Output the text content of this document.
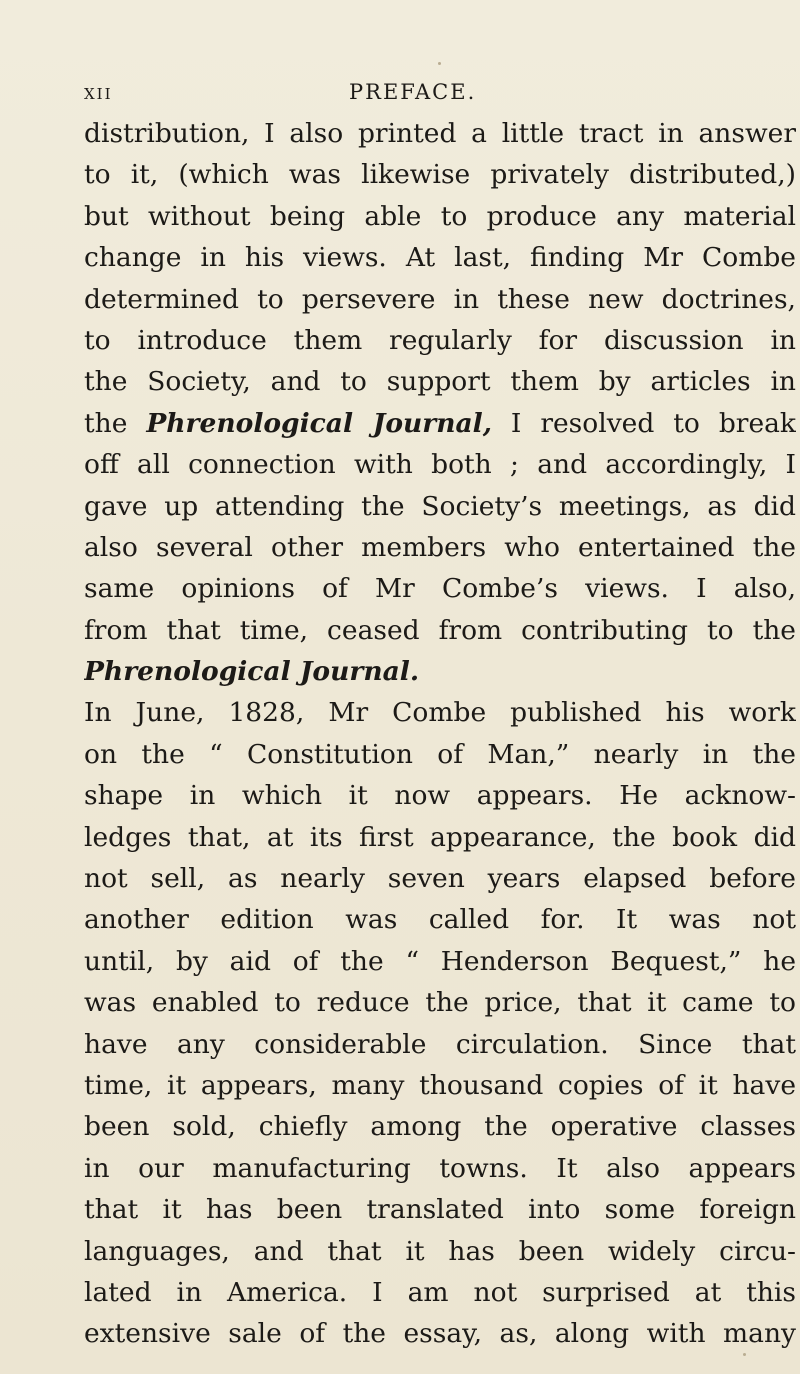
xii	PREFACE.
distribution, I also printed a little tract in answer
to it, (which was likewise privately distributed,)
but without being able to produce any material
change in his views. At last, finding Mr Combe
determined to persevere in these new doctrines,
to introduce them regularly for discussion in
the Society, and to support them by articles in
the Phrenological Journal, I resolved to break
off all connection with both ; and accordingly, I
gave up attending the Society’s meetings, as did
also several other members who entertained the
same opinions of Mr Combe’s views. I also,
from that time, ceased from contributing to the
Phrenological Journal.
In June, 1828, Mr Combe published his work
on the “ Constitution of Man,” nearly in the
shape in which it now appears. He acknow-
ledges that, at its first appearance, the book did
not sell, as nearly seven years elapsed before
another edition was called for. It was not
until, by aid of the “ Henderson Bequest,” he
was enabled to reduce the price, that it came to
have any considerable circulation. Since that
time, it appears, many thousand copies of it have
been sold, chiefly among the operative classes
in our manufacturing towns. It also appears
that it has been translated into some foreign
languages, and that it has been widely circu-
lated in America. I am not surprised at this
extensive sale of the essay, as, along with many
